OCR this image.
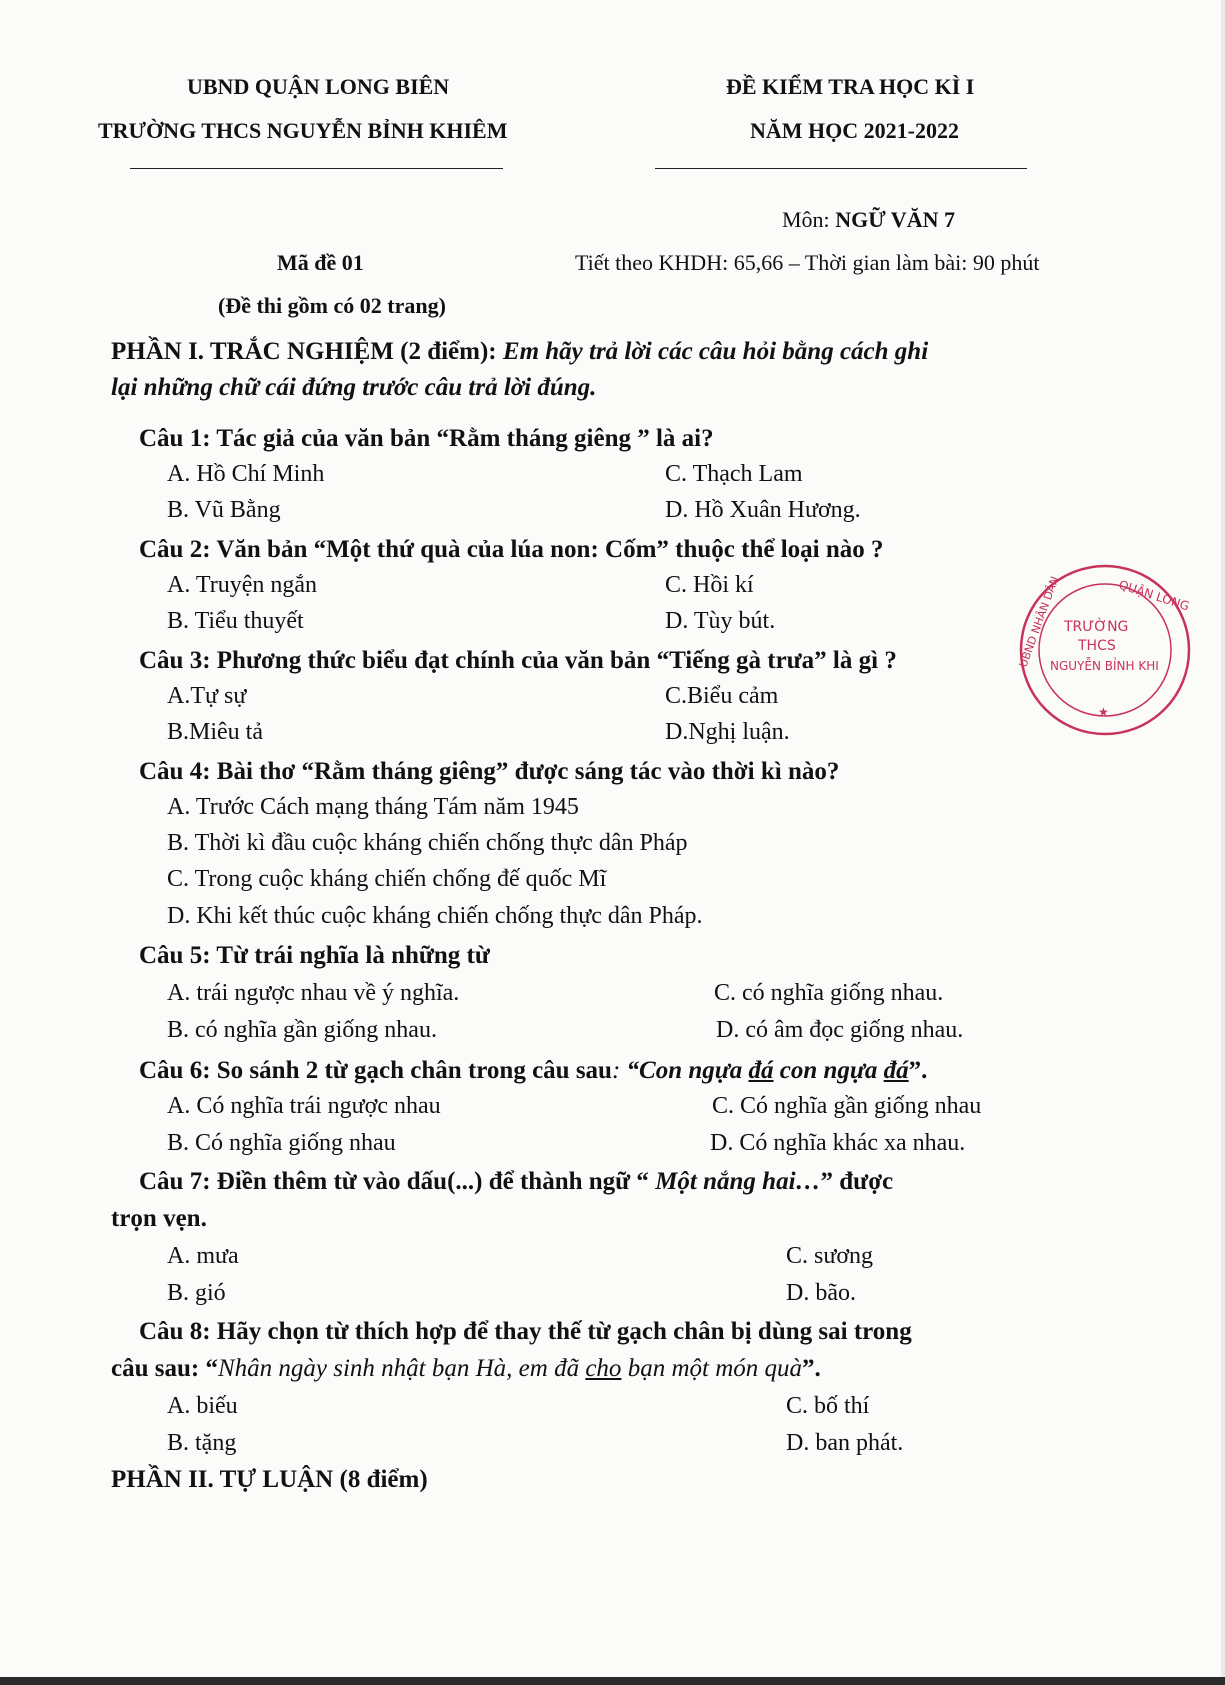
UBND QUẬN LONG BIÊN
TRƯỜNG THCS NGUYỄN BỈNH KHIÊM
ĐỀ KIỂM TRA HỌC KÌ I
NĂM HỌC 2021-2022
Môn: NGỮ VĂN 7
Mã đề 01	Tiết theo KHDH: 65,66 – Thời gian làm bài: 90 phút
(Đề thi gồm có 02 trang)
PHẦN I. TRẮC NGHIỆM (2 điểm): Em hãy trả lời các câu hỏi bằng cách ghi
lại những chữ cái đứng trước câu trả lời đúng.
Câu 1: Tác giả của văn bản “Rằm tháng giêng ” là ai?
A. Hồ Chí Minh	C. Thạch Lam
B. Vũ Bằng	D. Hồ Xuân Hương.
Câu 2: Văn bản “Một thứ quà của lúa non: Cốm” thuộc thể loại nào ?
A. Truyện ngắn	C. Hồi kí
B. Tiểu thuyết	D. Tùy bút.
Câu 3: Phương thức biểu đạt chính của văn bản “Tiếng gà trưa” là gì ?
A.Tự sự	C.Biểu cảm
B.Miêu tả	D.Nghị luận.
Câu 4: Bài thơ “Rằm tháng giêng” được sáng tác vào thời kì nào?
A. Trước Cách mạng tháng Tám năm 1945
B. Thời kì đầu cuộc kháng chiến chống thực dân Pháp
C. Trong cuộc kháng chiến chống đế quốc Mĩ
D. Khi kết thúc cuộc kháng chiến chống thực dân Pháp.
Câu 5: Từ trái nghĩa là những từ
A. trái ngược nhau về ý nghĩa.	C. có nghĩa giống nhau.
B. có nghĩa gần giống nhau.	D. có âm đọc giống nhau.
Câu 6: So sánh 2 từ gạch chân trong câu sau: “Con ngựa đá con ngựa đá”.
A. Có nghĩa trái ngược nhau	C. Có nghĩa gần giống nhau
B. Có nghĩa giống nhau	D. Có nghĩa khác xa nhau.
Câu 7: Điền thêm từ vào dấu(...) để thành ngữ “ Một nắng hai…” được
trọn vẹn.
A. mưa	C. sương
B. gió	D. bão.
Câu 8: Hãy chọn từ thích hợp để thay thế từ gạch chân bị dùng sai trong
câu sau: “Nhân ngày sinh nhật bạn Hà, em đã cho bạn một món quà”.
A. biếu	C. bố thí
B. tặng	D. ban phát.
PHẦN II. TỰ LUẬN (8 điểm)
QUẬN LONG
UBND NHÂN DÂN TRƯỜNG
THCS
NGUYỄN BỈNH KHI
★
